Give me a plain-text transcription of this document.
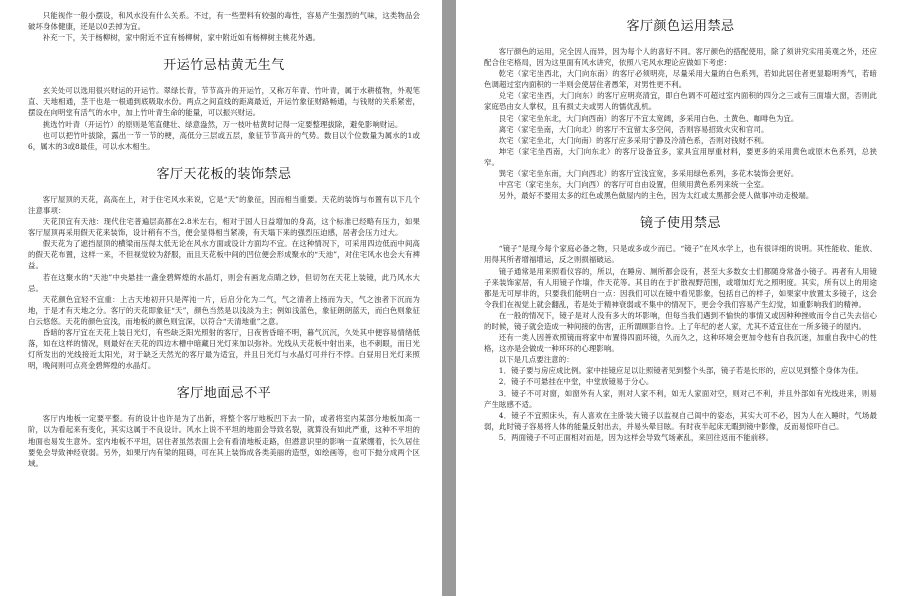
只能视作一般小摆设，和风水没有什么关系。不过，有一些塑料有较强的毒性，容易产生强烈的气味，这类物品会破坏身体健康，还是以0丢掉为宜。

补充一下，关于杨柳树，家中附近不宜有杨柳树，家中附近如有杨柳树主桃花外遇。

开运竹忌枯黄无生气

玄关处可以选用很兴财运的开运竹。翠绿长青，节节高升的开运竹，又称万年青、竹叶青，属于水耕植物，外观笔直、天地相通，茎干也是一根通到底吸取水份。两点之间直线的距离最近，开运竹象征财路畅通，与钱财的关系紧密，摆设在向明堂有活气的水中，加上竹叶青生命的能量，可以振兴财运。

挑选竹叶青（开运竹）的原则是笔直健壮、绿意盎然，万一枝叶枯黄时记得一定要整理拔除，避免影响财运。

也可以把竹叶拔除，露出一节一节的梗，高低分三层或五层，象征节节高升的气势。数目以个位数量为属水的1或6，属木的3或8最佳，可以水木相生。

客厅天花板的装饰禁忌

客厅屋顶的天花，高高在上，对于住宅风水来说，它是“天”的象征，因而相当重要。天花的装饰与布置有以下几个注意事项：

天花顶宜有天池：现代住宅普遍层高都在2.8米左右，相对于国人日益增加的身高，这个标准已经略有压力，如果客厅屋顶再采用假天花来装饰，设计稍有不当，便会显得相当紧凑，有天塌下来的强烈压迫感，居者会压力过大。

假天花为了遮挡屋顶的横梁而压得太低无论在风水方面或设计方面均不宜。在这种情况下，可采用四边低而中间高的假天花布置，这样一来，不但视觉较为舒服，而且天花板中间的凹位便会形成聚水的“天池”，对住宅风水也会大有裨益。

若在这聚水的“天池”中央悬挂一盏金碧辉煌的水晶灯，则会有画龙点睛之妙，但切勿在天花上装镜，此乃风水大忌。

天花颜色宜轻不宜重：上古天地初开只是浑沌一片，后启分化为二气，气之清者上扬而为天，气之浊者下沉而为地，于是才有天地之分。客厅的天花即象征“天”，颜色当然是以浅淡为主；例如浅蓝色，象征朗朗蓝天，而白色则象征白云悠悠。天花的颜色宜浅，而地板的颜色则宜深，以符合“天清地重”之意。

昏暗的客厅宜在天花上装日光灯，有些缺乏阳光照射的客厅，日夜皆昏暗不明，暮气沉沉，久处其中便容易情绪低落，如在这样的情况，则最好在天花的四边木槽中暗藏日光灯来加以弥补。光线从天花板中射出来，也不刺眼，而日光灯所发出的光线接近太阳光，对于缺乏天然光的客厅最为适宜，并且日光灯与水晶灯可并行不悖。白昼用日光灯来照明，晚间则可点亮金碧辉煌的水晶灯。

客厅地面忌不平

客厅内地板一定要平整。有的设计也许是为了出新，将整个客厅地板凹下去一阶，或者将室内某部分地板加高一阶，以为看起来有变化，其实这属于不良设计。风水上说不平坦的地面会导致名裂，就算没有如此严重，这种不平坦的地面也易发生意外。室内地板不平坦，居住者虽然表面上会有看清地板走路，但潜意识里的影响一直紧绷着，长久居住要免会导致神经衰弱。另外，如果厅内有梁的阻碍，可在其上装饰成各类美丽的造型，如绘画等，也可下抛分成两个区域。

客厅颜色运用禁忌

客厅颜色的运用，完全因人而异，因为每个人的喜好不同。客厅颜色的搭配使用，除了须讲究实用美观之外，还应配合住宅格局，因为这里面有风水讲究，依照八宅风水理论应做如下考虑：

乾宅（家宅坐西北，大门向东南）的客厅必须明亮，尽量采用大量的白色系列，若如此居住者更显聪明秀气，若暗色调超过室内面积的一半则会使居住者愚笨，对男性更不利。

兑宅（家宅坐西，大门向东）的客厅应明亮清宜，即白色调不可超过室内面积的四分之三或有三面墙大窗，否则此家庭恐由女人掌权，且有损丈夫或男人的懦优乱机。

艮宅（家宅坐东北，大门向西南）的客厅不宜太宽阔，多采用白色、土黄色、咖啡色为宜。

离宅（家宅坐南，大门向北）的客厅不宜留太多空间，否则容易招致火灾和官司。

坎宅（家宅坐北，大门向南）的客厅应多采用宁静及冷清色系，否则对钱财不利。

坤宅（家宅坐西南，大门向东北）的客厅设备宜多，家具宜用厚重材料，要更多的采用黄色或原木色系列，总狭窄。

巽宅（家宅坐东南，大门向西北）的客厅宜浅宜宽，多采用绿色系列，多花木装饰会更好。

中宫宅（家宅坐东，大门向西）的客厅可自由设置，但须用黄色系列来统一全室。

另外，最好不要用太多的红色或黑色做屋内的主色，因为太红或太黑都会使人做事冲动走极端。

镜子使用禁忌

“镜子”是现今每个家庭必备之物，只是或多或少而已。“镜子”在风水学上，也有很详细的说明。其性能收、能放、用得其所者增福增运，反之则损福破运。

镜子通常是用来照看仪容的，所以，在睡房、厕所都会设有，甚至大多数女士们都随身常备小镜子。再者有人用镜子来装饰家居，有人用镜子作墙，作天花等。其目的在于扩散视野范围，或增加灯光之照明度。其实，所有以上的用途都是无可厚非的，只要我们能明白一点：因我们可以在镜中看见影象，包括自己的样子，如果家中放置太多镜子，这会令我们在视觉上就会翻乱，若是处于精神衰弱或不集中的情况下，更会令我们容易产生幻觉，如重影响我们的精神。

在一般的情况下，镜子是对人没有多大的坏影响，但每当我们遇到不愉快的事情又或因种种挫败而令自己失去信心的时候，镜子就会造成一种间接的伤害，正所谓顾影自怜。上了年纪的老人家，尤其不适宜住在一所多镜子的屋内。

还有一类人因善欢照镜而将家中布置得四面环镜，久而久之，这种环境会更加令他有自我沉迷，加重自我中心的性格，这亦是会做成一种环环的心理影响。

以下是几点要注意的：

1．镜子要与房应成比例。家中挂镜应足以让照镜者见到整个头部，镜子若是长形的，应以见到整个身体为佳。

2．镜子不可悬挂在中堂，中堂放镜易于分心。

3．镜子不可对窗，如窗外有人家，则对人家不利，如无人家面对空，则对己不利，并且外部如有光线进来，则易产生眩感不适。

4．镜子不宜照床头，有人喜欢在主卧装大镜子以监视自己闺中的姿态，其实大可不必，因为人在入睡时，气场最弱，此时镜子容易将人体的能量反射出去，并易头晕目眩。有时夜半起床无暇到镜中影像，反而易惊吓自己。

5．两面镜子不可正面相对而是，因为这样会导致气场紊乱，来回往返而不能前移。
